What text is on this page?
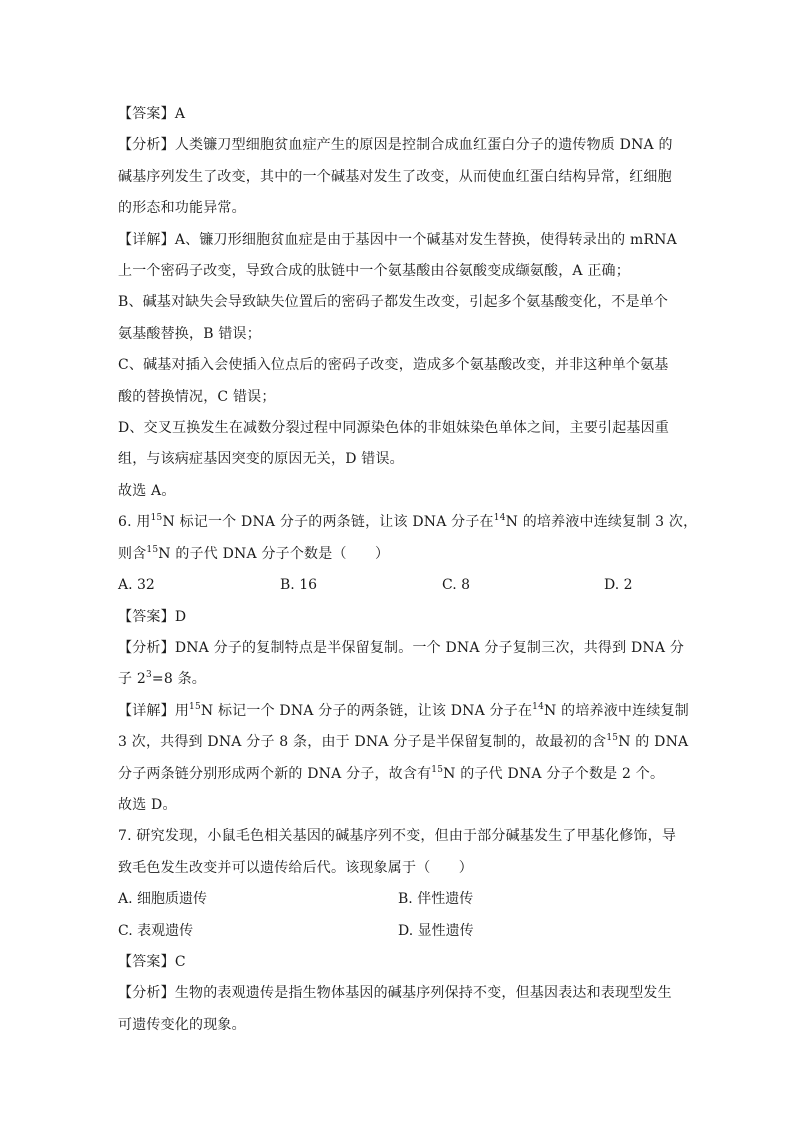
【答案】A
【分析】人类镰刀型细胞贫血症产生的原因是控制合成血红蛋白分子的遗传物质 DNA 的
碱基序列发生了改变，其中的一个碱基对发生了改变，从而使血红蛋白结构异常，红细胞
的形态和功能异常。
【详解】A、镰刀形细胞贫血症是由于基因中一个碱基对发生替换，使得转录出的 mRNA
上一个密码子改变，导致合成的肽链中一个氨基酸由谷氨酸变成缬氨酸，A 正确；
B、碱基对缺失会导致缺失位置后的密码子都发生改变，引起多个氨基酸变化，不是单个
氨基酸替换，B 错误；
C、碱基对插入会使插入位点后的密码子改变，造成多个氨基酸改变，并非这种单个氨基
酸的替换情况，C 错误；
D、交叉互换发生在减数分裂过程中同源染色体的非姐妹染色单体之间，主要引起基因重
组，与该病症基因突变的原因无关，D 错误。
故选 A。
6. 用$^{15}$N 标记一个 DNA 分子的两条链，让该 DNA 分子在$^{14}$N 的培养液中连续复制 3 次，
则含$^{15}$N 的子代 DNA 分子个数是（　　）
A. 32	B. 16	C. 8	D. 2
【答案】D
【分析】DNA 分子的复制特点是半保留复制。一个 DNA 分子复制三次，共得到 DNA 分
子 $2^3=8$ 条。
【详解】用$^{15}$N 标记一个 DNA 分子的两条链，让该 DNA 分子在$^{14}$N 的培养液中连续复制
3 次，共得到 DNA 分子 8 条，由于 DNA 分子是半保留复制的，故最初的含$^{15}$N 的 DNA
分子两条链分别形成两个新的 DNA 分子，故含有$^{15}$N 的子代 DNA 分子个数是 2 个。
故选 D。
7. 研究发现，小鼠毛色相关基因的碱基序列不变，但由于部分碱基发生了甲基化修饰，导
致毛色发生改变并可以遗传给后代。该现象属于（　　）
A. 细胞质遗传	B. 伴性遗传
C. 表观遗传	D. 显性遗传
【答案】C
【分析】生物的表观遗传是指生物体基因的碱基序列保持不变，但基因表达和表现型发生
可遗传变化的现象。
